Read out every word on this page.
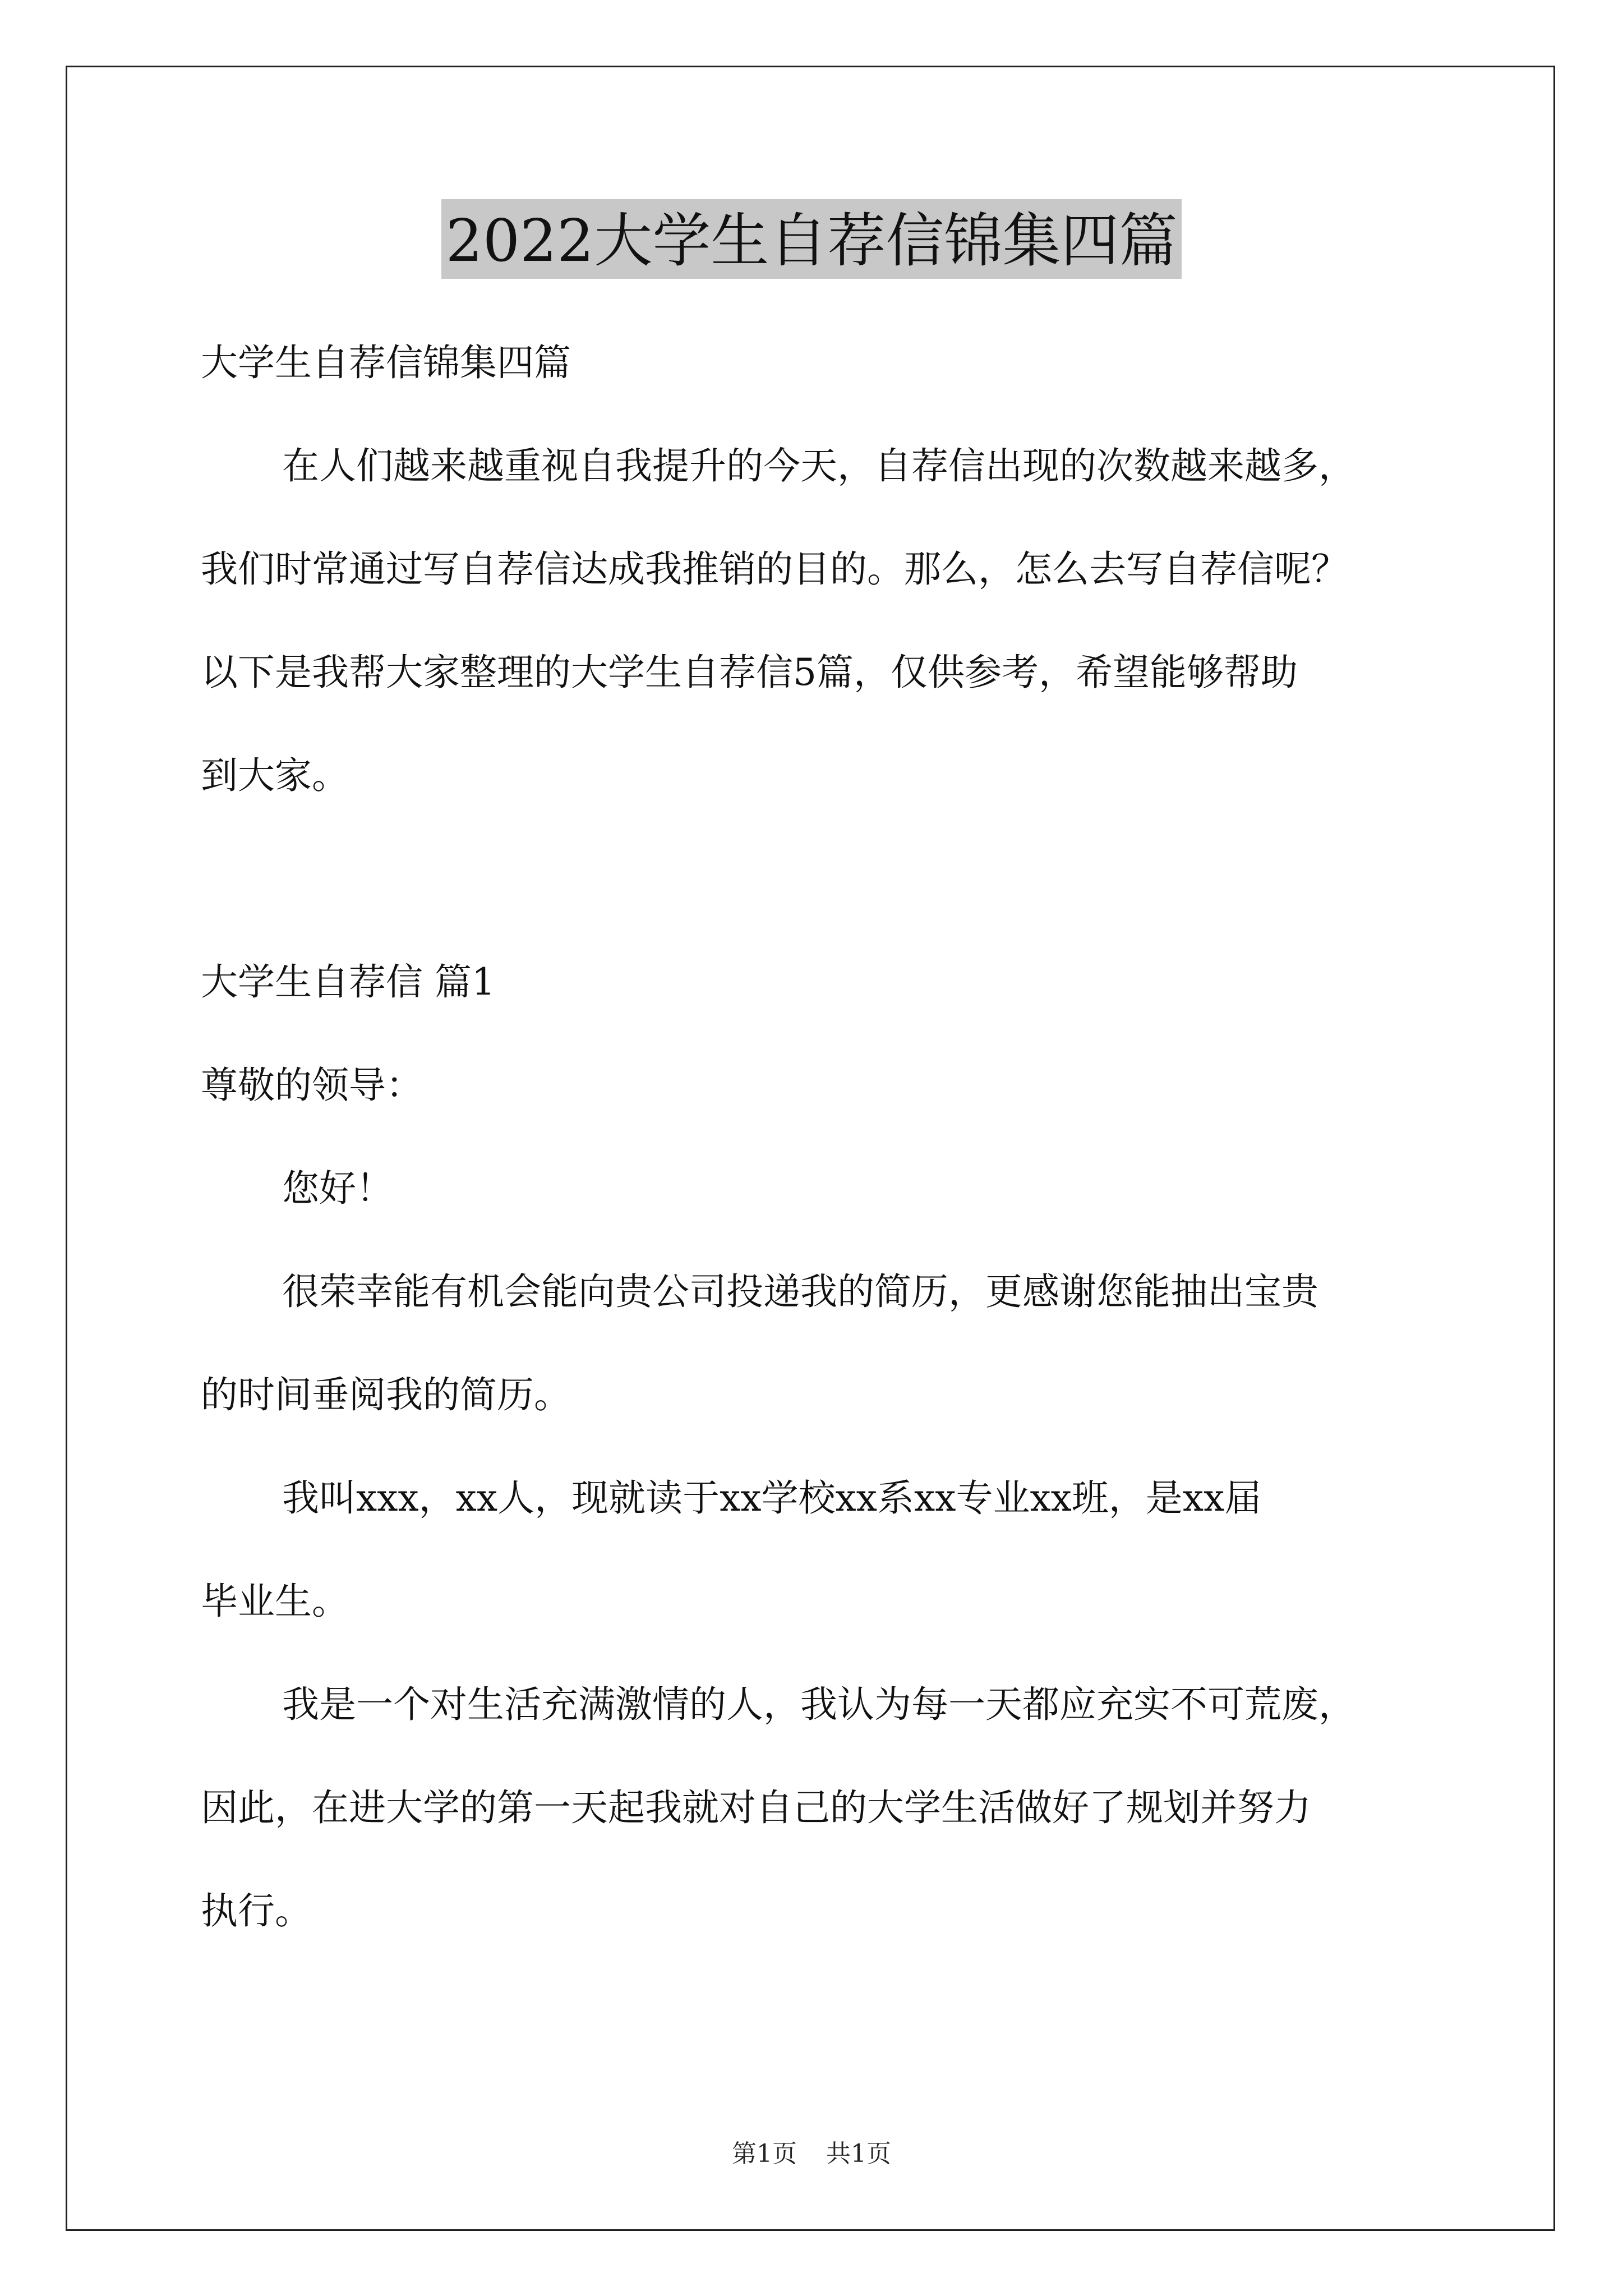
2022大学生自荐信锦集四篇

大学生自荐信锦集四篇

在人们越来越重视自我提升的今天，自荐信出现的次数越来越多，

我们时常通过写自荐信达成我推销的目的。那么，怎么去写自荐信呢？

以下是我帮大家整理的大学生自荐信5篇，仅供参考，希望能够帮助

到大家。

大学生自荐信 篇1

尊敬的领导：

您好！

很荣幸能有机会能向贵公司投递我的简历，更感谢您能抽出宝贵

的时间垂阅我的简历。

我叫xxx，xx人，现就读于xx学校xx系xx专业xx班，是xx届

毕业生。

我是一个对生活充满激情的人，我认为每一天都应充实不可荒废，

因此，在进大学的第一天起我就对自己的大学生活做好了规划并努力

执行。

第1页 共1页
